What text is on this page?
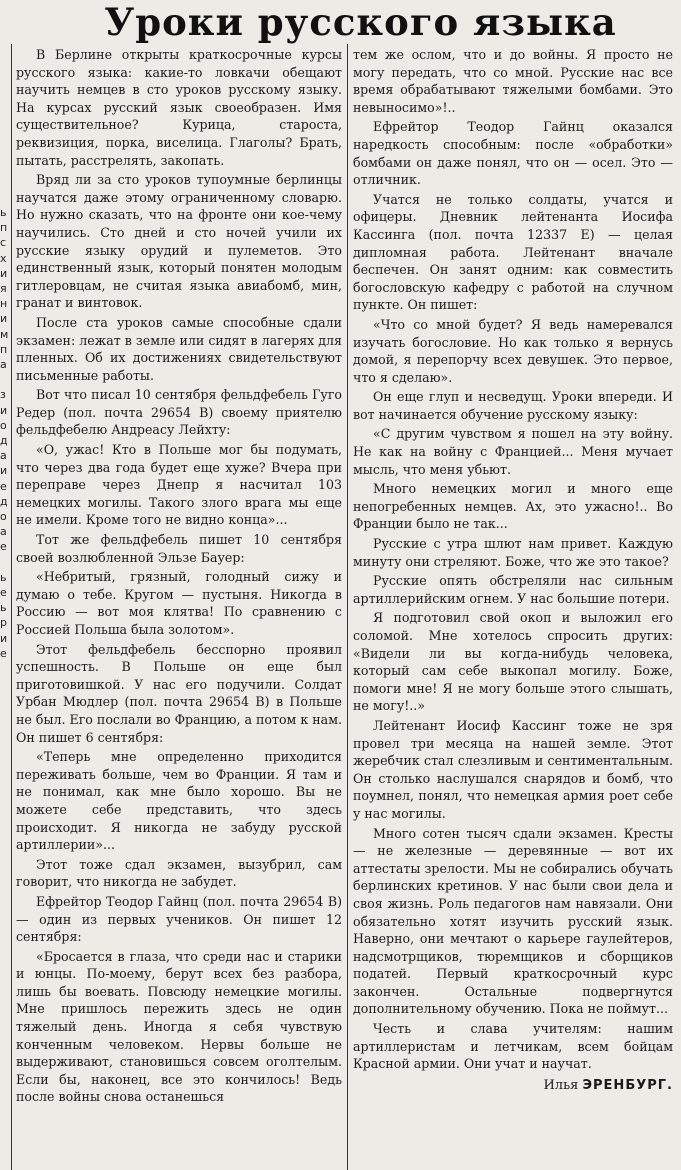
Уроки русского языка
ь
п
с
х
и
я
н
и
м
п
а

з
и
о
д
а
и
е
д
о
а
е

ь
е
ь
р
и
е

В Берлине открыты краткосрочные курсы русского языка: какие-то ловкачи обещают научить немцев в сто уроков русскому языку. На курсах русский язык своеобразен. Имя существительное? Курица, староста, реквизиция, порка, виселица. Глаголы? Брать, пытать, расстрелять, закопать.

Вряд ли за сто уроков тупоумные берлинцы научатся даже этому ограниченному словарю. Но нужно сказать, что на фронте они кое-чему научились. Сто дней и сто ночей учили их русские языку орудий и пулеметов. Это единственный язык, который понятен молодым гитлеровцам, не считая языка авиабомб, мин, гранат и винтовок.

После ста уроков самые способные сдали экзамен: лежат в земле или сидят в лагерях для пленных. Об их достижениях свидетельствуют письменные работы.

Вот что писал 10 сентября фельдфебель Гуго Редер (пол. почта 29654 В) своему приятелю фельдфебелю Андреасу Лейхту:

«О, ужас! Кто в Польше мог бы подумать, что через два года будет еще хуже? Вчера при переправе через Днепр я насчитал 103 немецких могилы. Такого злого врага мы еще не имели. Кроме того не видно конца»...

Тот же фельдфебель пишет 10 сентября своей возлюбленной Эльзе Бауер:

«Небритый, грязный, голодный сижу и думаю о тебе. Кругом — пустыня. Никогда в Россию — вот моя клятва! По сравнению с Россией Польша была золотом».

Этот фельдфебель бесспорно проявил успешность. В Польше он еще был приготовишкой. У нас его подучили. Солдат Урбан Мюдлер (пол. почта 29654 В) в Польше не был. Его послали во Францию, а потом к нам. Он пишет 6 сентября:

«Теперь мне определенно приходится переживать больше, чем во Франции. Я там и не понимал, как мне было хорошо. Вы не можете себе представить, что здесь происходит. Я никогда не забуду русской артиллерии»...

Этот тоже сдал экзамен, вызубрил, сам говорит, что никогда не забудет.

Ефрейтор Теодор Гайнц (пол. почта 29654 В) — один из первых учеников. Он пишет 12 сентября:

«Бросается в глаза, что среди нас и старики и юнцы. По-моему, берут всех без разбора, лишь бы воевать. Повсюду немецкие могилы. Мне пришлось пережить здесь не один тяжелый день. Иногда я себя чувствую конченным человеком. Нервы больше не выдерживают, становишься совсем оголтелым. Если бы, наконец, все это кончилось! Ведь после войны снова останешься

тем же ослом, что и до войны. Я просто не могу передать, что со мной. Русские нас все время обрабатывают тяжелыми бомбами. Это невыносимо»!..

Ефрейтор Теодор Гайнц оказался наредкость способным: после «обработки» бомбами он даже понял, что он — осел. Это — отличник.

Учатся не только солдаты, учатся и офицеры. Дневник лейтенанта Иосифа Кассинга (пол. почта 12337 Е) — целая дипломная работа. Лейтенант вначале беспечен. Он занят одним: как совместить богословскую кафедру с работой на случном пункте. Он пишет:

«Что со мной будет? Я ведь намеревался изучать богословие. Но как только я вернусь домой, я перепорчу всех девушек. Это первое, что я сделаю».

Он еще глуп и несведущ. Уроки впереди. И вот начинается обучение русскому языку:

«С другим чувством я пошел на эту войну. Не как на войну с Францией... Меня мучает мысль, что меня убьют.

Много немецких могил и много еще непогребенных немцев. Ах, это ужасно!.. Во Франции было не так...

Русские с утра шлют нам привет. Каждую минуту они стреляют. Боже, что же это такое?

Русские опять обстреляли нас сильным артиллерийским огнем. У нас большие потери.

Я подготовил свой окоп и выложил его соломой. Мне хотелось спросить других: «Видели ли вы когда-нибудь человека, который сам себе выкопал могилу. Боже, помоги мне! Я не могу больше этого слышать, не могу!..»

Лейтенант Иосиф Кассинг тоже не зря провел три месяца на нашей земле. Этот жеребчик стал слезливым и сентиментальным. Он столько наслушался снарядов и бомб, что поумнел, понял, что немецкая армия роет себе у нас могилы.

Много сотен тысяч сдали экзамен. Кресты — не железные — деревянные — вот их аттестаты зрелости. Мы не собирались обучать берлинских кретинов. У нас были свои дела и своя жизнь. Роль педагогов нам навязали. Они обязательно хотят изучить русский язык. Наверно, они мечтают о карьере гаулейтеров, надсмотрщиков, тюремщиков и сборщиков податей. Первый краткосрочный курс закончен. Остальные подвергнутся дополнительному обучению. Пока не поймут...

Честь и слава учителям: нашим артиллеристам и летчикам, всем бойцам Красной армии. Они учат и научат.

Илья ЭРЕНБУРГ.
